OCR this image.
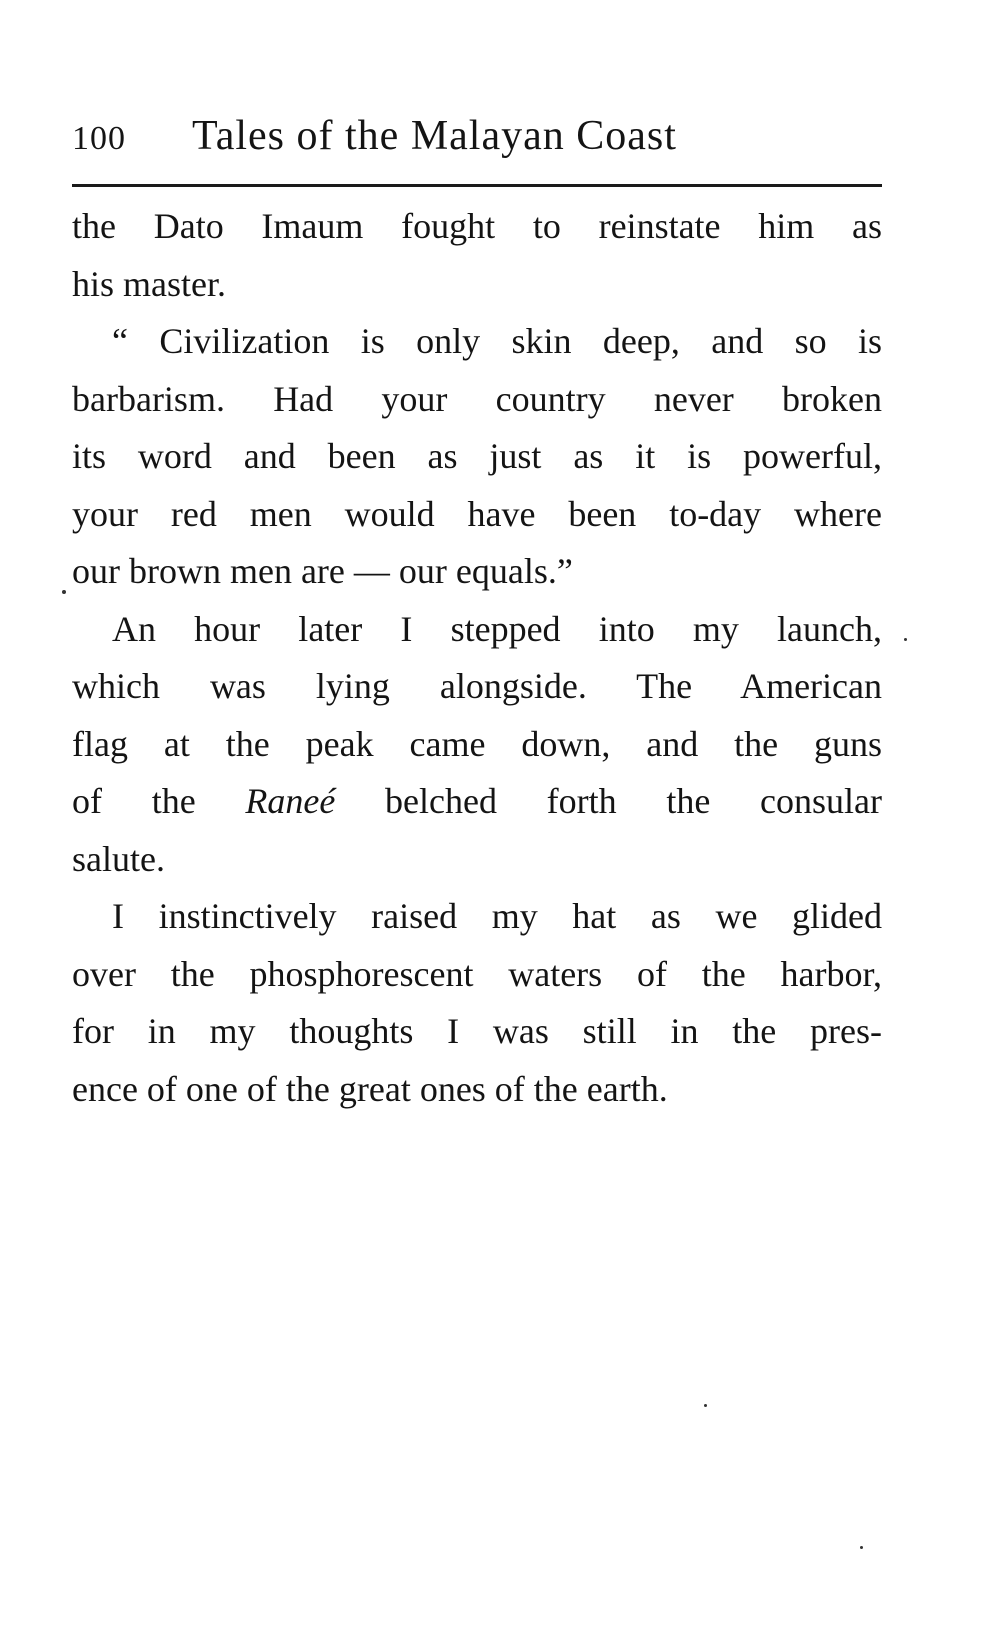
100 Tales of the Malayan Coast
the Dato Imaum fought to reinstate him as
his master.
“ Civilization is only skin deep, and so is
barbarism. Had your country never broken
its word and been as just as it is powerful,
your red men would have been to-day where
our brown men are — our equals.”
An hour later I stepped into my launch,
which was lying alongside. The American
flag at the peak came down, and the guns
of the Raneé belched forth the consular
salute.
I instinctively raised my hat as we glided
over the phosphorescent waters of the harbor,
for in my thoughts I was still in the pres-
ence of one of the great ones of the earth.
